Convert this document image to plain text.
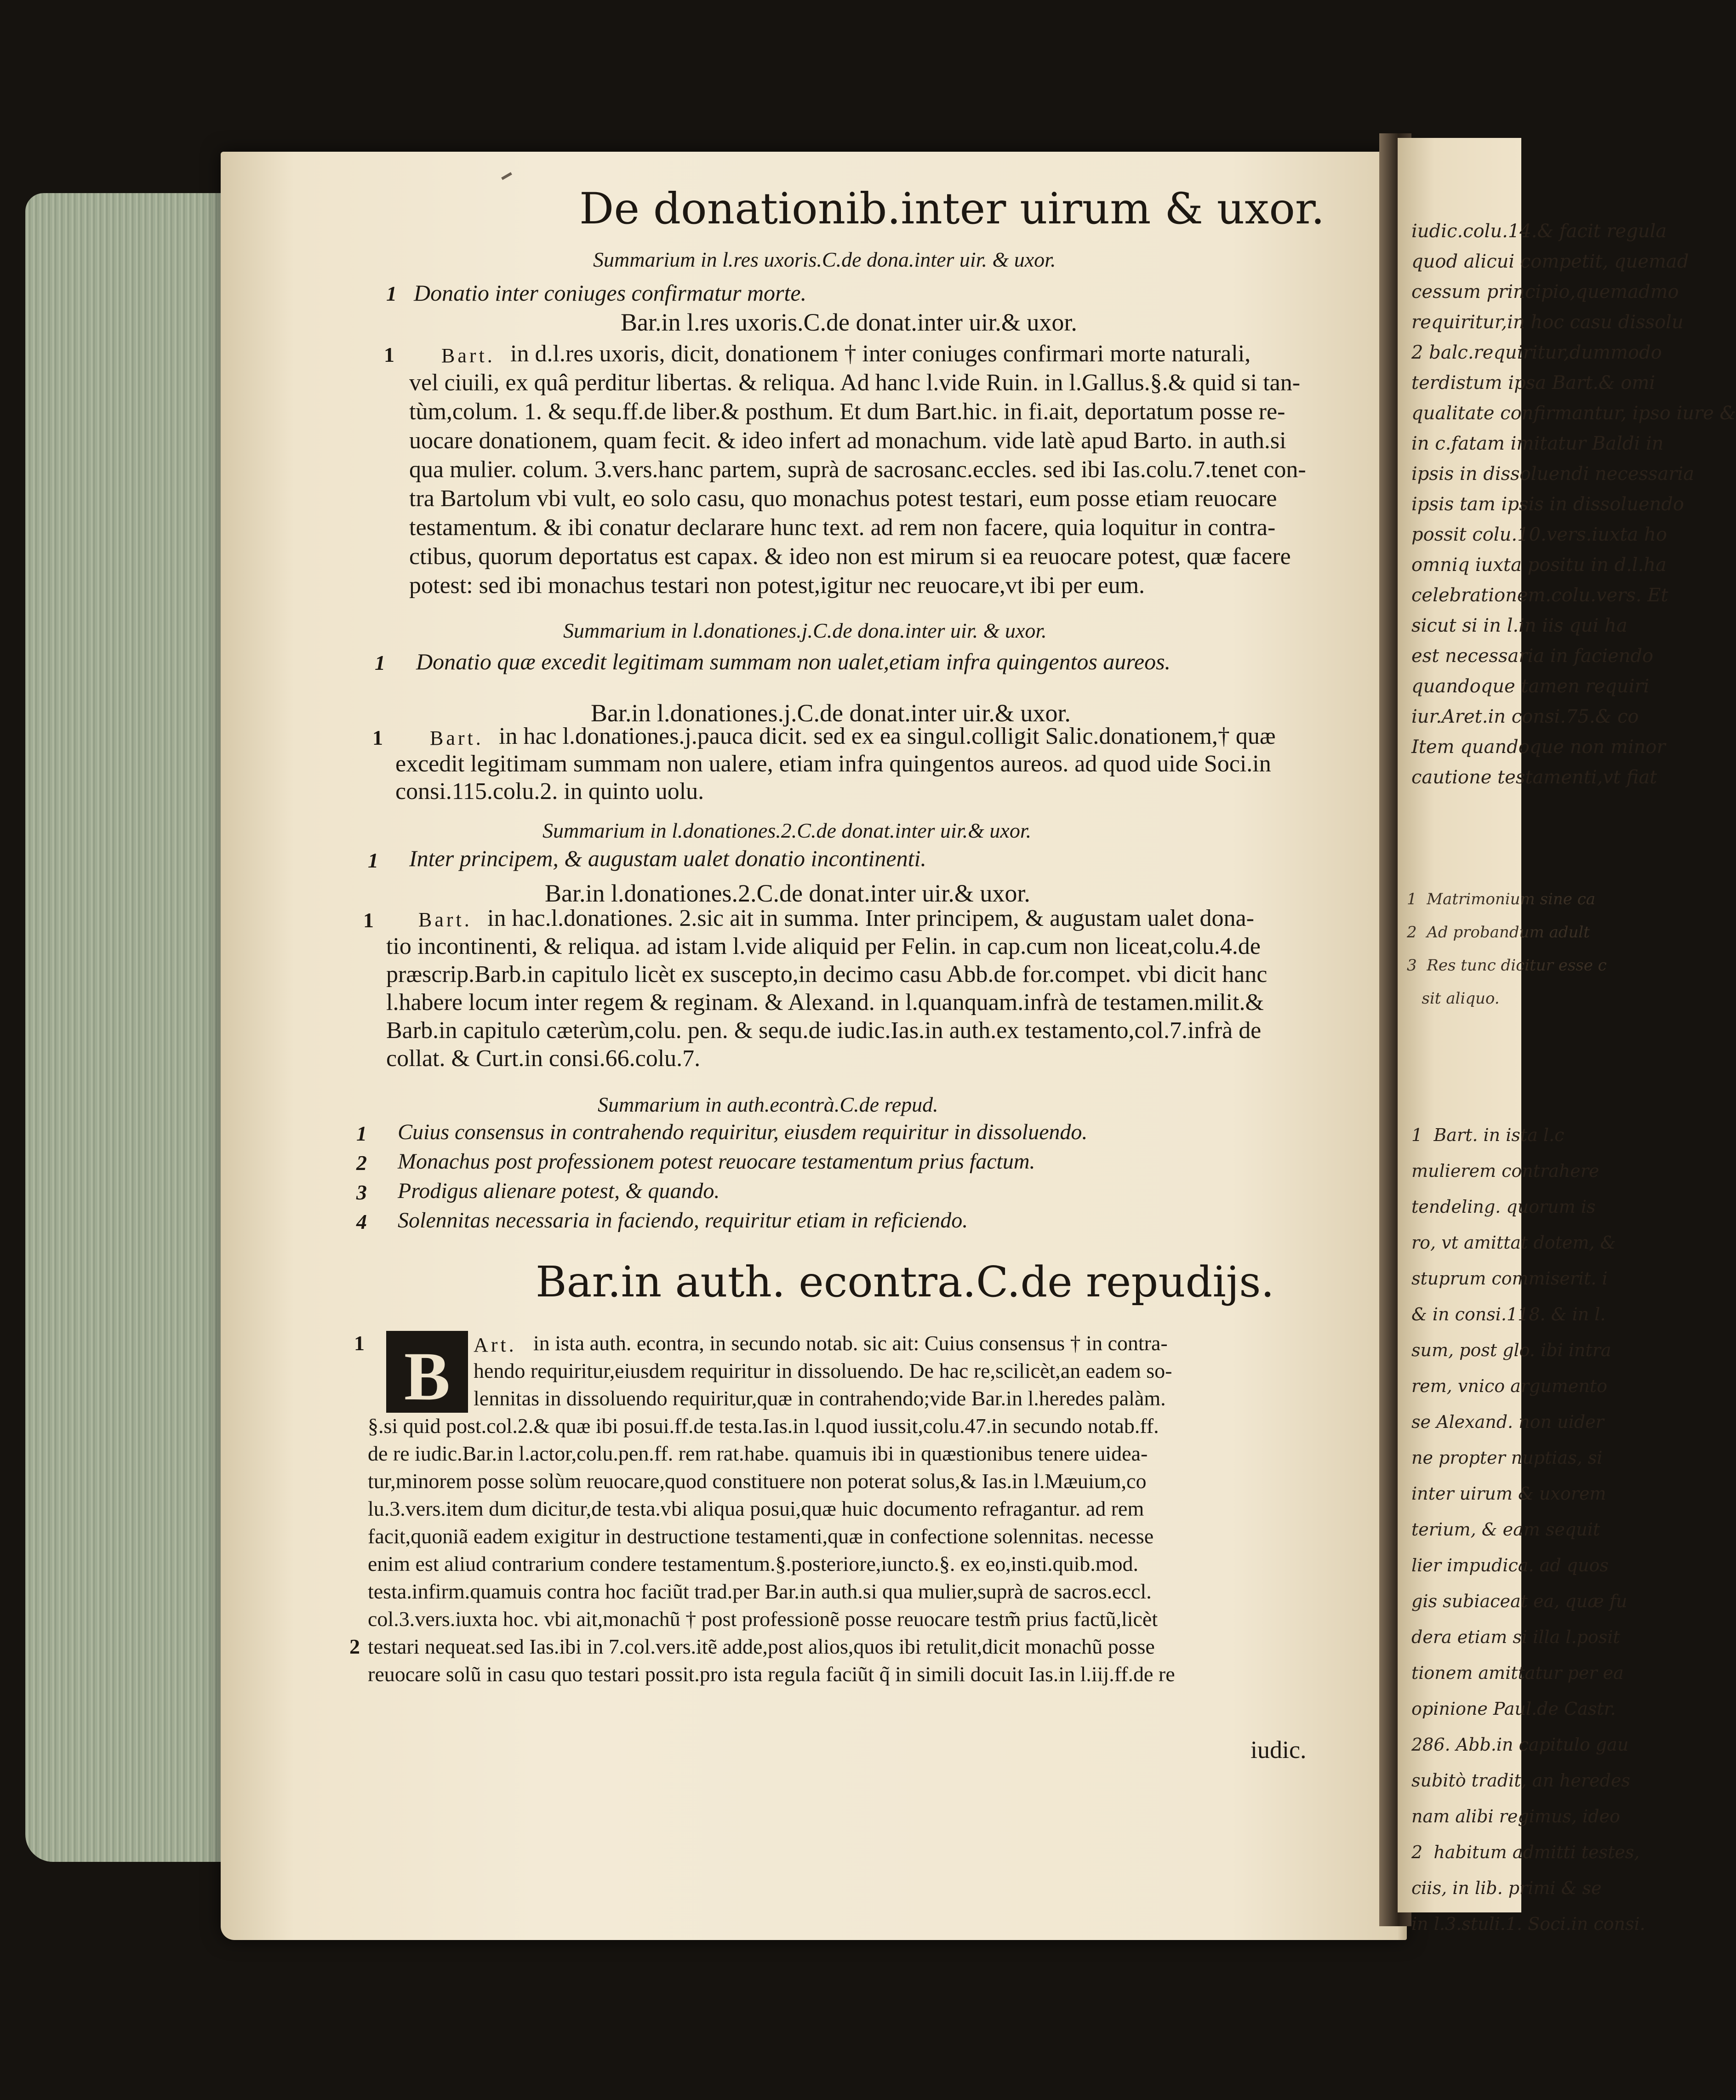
iudic.colu.14.& facit regula
quod alicui competit, quemad
cessum principio,quemadmo
requiritur,in hoc casu dissolu
2 balc.requiritur,dummodo
terdistum ipsa Bart.& omi
qualitate confirmantur, ipso iure &
in c.fatam imitatur Baldi in
ipsis in dissoluendi necessaria
ipsis tam ipsis in dissoluendo
possit colu.10.vers.iuxta ho
omniq iuxta positu in d.l.ha
celebrationem.colu.vers. Et
sicut si in l.in iis qui ha
est necessaria in faciendo
quandoque tamen requiri
iur.Aret.in consi.75.& co
Item quandoque non minor
cautione testamenti,vt fiat
1  Matrimonium sine ca
2  Ad probandum adult
3  Res tunc dicitur esse c
sit aliquo.
1  Bart. in ista l.c
mulierem contrahere
tendeling. quorum is
ro, vt amittat dotem, &
stuprum commiserit. i
& in consi.118. & in l.
sum, post glo. ibi intra
rem, vnico argumento
se Alexand. non uider
ne propter nuptias, si
inter uirum & uxorem
terium, & eam sequit
lier impudica. ad quos
gis subiaceat ea, quæ fu
dera etiam si illa l.posit
tionem amittatur per ea
opinione Paul.de Castr.
286. Abb.in capitulo gau
subitò tradit, an heredes
nam alibi regimus, ideo
2  habitum admitti testes,
ciis, in lib. primi & se
in l.3.stuli.1. Soci.in consi.
De donationib.inter uirum & uxor.
Summarium in l.res uxoris.C.de dona.inter uir. & uxor.
1 Donatio inter coniuges confirmatur morte.
Bar.in l.res uxoris.C.de donat.inter uir.& uxor.
1 Bart. in d.l.res uxoris, dicit, donationem † inter coniuges confirmari morte naturali,
vel ciuili, ex quâ perditur libertas. & reliqua. Ad hanc l.vide Ruin. in l.Gallus.§.& quid si tan-
tùm,colum. 1. & sequ.ff.de liber.& posthum. Et dum Bart.hic. in fi.ait, deportatum posse re-
uocare donationem, quam fecit. & ideo infert ad monachum. vide latè apud Barto. in auth.si
qua mulier. colum. 3.vers.hanc partem, suprà de sacrosanc.eccles. sed ibi Ias.colu.7.tenet con-
tra Bartolum vbi vult, eo solo casu, quo monachus potest testari, eum posse etiam reuocare
testamentum. & ibi conatur declarare hunc text. ad rem non facere, quia loquitur in contra-
ctibus, quorum deportatus est capax. & ideo non est mirum si ea reuocare potest, quæ facere
potest: sed ibi monachus testari non potest,igitur nec reuocare,vt ibi per eum.
Summarium in l.donationes.j.C.de dona.inter uir. & uxor.
1 Donatio quæ excedit legitimam summam non ualet,etiam infra quingentos aureos.
Bar.in l.donationes.j.C.de donat.inter uir.& uxor.
1 Bart. in hac l.donationes.j.pauca dicit. sed ex ea singul.colligit Salic.donationem,† quæ
excedit legitimam summam non ualere, etiam infra quingentos aureos. ad quod uide Soci.in
consi.115.colu.2. in quinto uolu.
Summarium in l.donationes.2.C.de donat.inter uir.& uxor.
1 Inter principem, & augustam ualet donatio incontinenti.
Bar.in l.donationes.2.C.de donat.inter uir.& uxor.
1 Bart. in hac.l.donationes. 2.sic ait in summa. Inter principem, & augustam ualet dona-
tio incontinenti, & reliqua. ad istam l.vide aliquid per Felin. in cap.cum non liceat,colu.4.de
præscrip.Barb.in capitulo licèt ex suscepto,in decimo casu Abb.de for.compet. vbi dicit hanc
l.habere locum inter regem & reginam. & Alexand. in l.quanquam.infrà de testamen.milit.&
Barb.in capitulo cæterùm,colu. pen. & sequ.de iudic.Ias.in auth.ex testamento,col.7.infrà de
collat. & Curt.in consi.66.colu.7.
Summarium in auth.econtrà.C.de repud.
1 Cuius consensus in contrahendo requiritur, eiusdem requiritur in dissoluendo.
2 Monachus post professionem potest reuocare testamentum prius factum.
3 Prodigus alienare potest, & quando.
4 Solennitas necessaria in faciendo, requiritur etiam in reficiendo.
Bar.in auth. econtra.C.de repudijs.
1 B	Art. in ista auth. econtra, in secundo notab. sic ait: Cuius consensus † in contra-
hendo requiritur,eiusdem requiritur in dissoluendo. De hac re,scilicèt,an eadem so-
lennitas in dissoluendo requiritur,quæ in contrahendo;vide Bar.in l.heredes palàm.
§.si quid post.col.2.& quæ ibi posui.ff.de testa.Ias.in l.quod iussit,colu.47.in secundo notab.ff.
de re iudic.Bar.in l.actor,colu.pen.ff. rem rat.habe. quamuis ibi in quæstionibus tenere uidea-
tur,minorem posse solùm reuocare,quod constituere non poterat solus,& Ias.in l.Mæuium,co
lu.3.vers.item dum dicitur,de testa.vbi aliqua posui,quæ huic documento refragantur. ad rem
facit,quoniã eadem exigitur in destructione testamenti,quæ in confectione solennitas. necesse
enim est aliud contrarium condere testamentum.§.posteriore,iuncto.§. ex eo,insti.quib.mod.
testa.infirm.quamuis contra hoc faciũt trad.per Bar.in auth.si qua mulier,suprà de sacros.eccl.
col.3.vers.iuxta hoc. vbi ait,monachũ † post professionẽ posse reuocare testm̃ prius factũ,licèt
testari nequeat.sed Ias.ibi in 7.col.vers.itẽ adde,post alios,quos ibi retulit,dicit monachũ posse
reuocare solũ in casu quo testari possit.pro ista regula faciũt q̃ in simili docuit Ias.in l.iij.ff.de re
2
iudic.
